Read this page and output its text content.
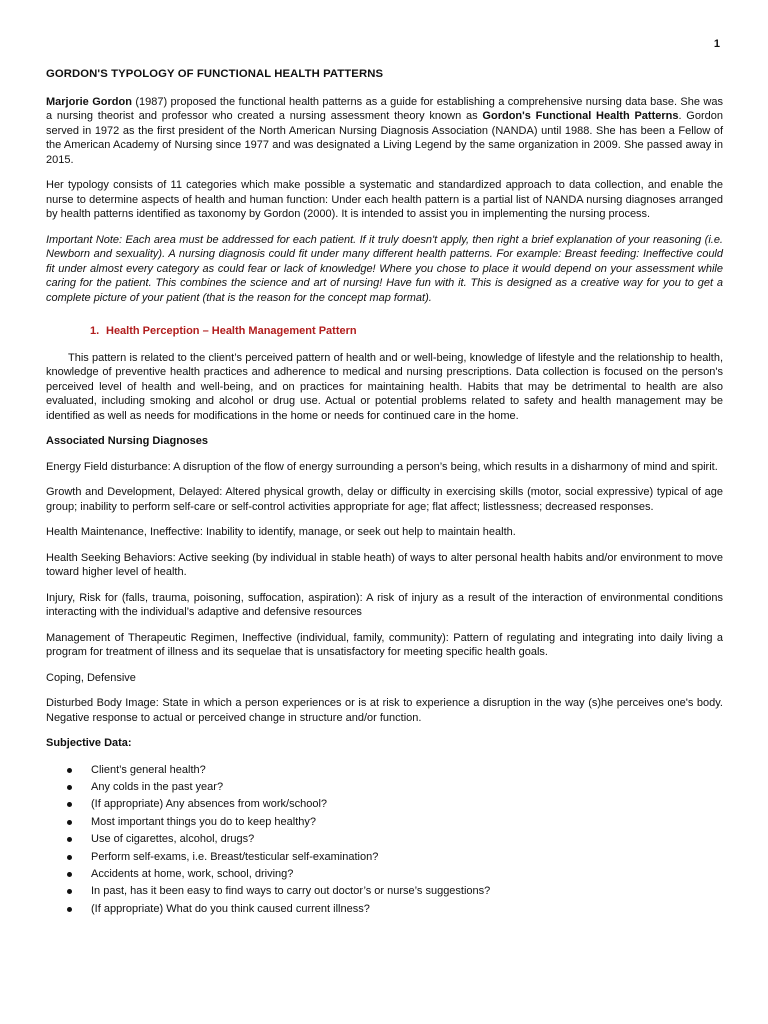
1

GORDON'S TYPOLOGY OF FUNCTIONAL HEALTH PATTERNS

Marjorie Gordon (1987) proposed the functional health patterns as a guide for establishing a comprehensive nursing data base. She was a nursing theorist and professor who created a nursing assessment theory known as Gordon's Functional Health Patterns. Gordon served in 1972 as the first president of the North American Nursing Diagnosis Association (NANDA) until 1988. She has been a Fellow of the American Academy of Nursing since 1977 and was designated a Living Legend by the same organization in 2009. She passed away in 2015.

Her typology consists of 11 categories which make possible a systematic and standardized approach to data collection, and enable the nurse to determine aspects of health and human function: Under each health pattern is a partial list of NANDA nursing diagnoses arranged by health patterns identified as taxonomy by Gordon (2000). It is intended to assist you in implementing the nursing process.

Important Note: Each area must be addressed for each patient. If it truly doesn't apply, then right a brief explanation of your reasoning (i.e. Newborn and sexuality). A nursing diagnosis could fit under many different health patterns. For example: Breast feeding: Ineffective could fit under almost every category as could fear or lack of knowledge! Where you chose to place it would depend on your assessment while caring for the patient. This combines the science and art of nursing! Have fun with it. This is designed as a creative way for you to get a complete picture of your patient (that is the reason for the concept map format).

1. Health Perception – Health Management Pattern

This pattern is related to the client’s perceived pattern of health and or well-being, knowledge of lifestyle and the relationship to health, knowledge of preventive health practices and adherence to medical and nursing prescriptions. Data collection is focused on the person's perceived level of health and well-being, and on practices for maintaining health. Habits that may be detrimental to health are also evaluated, including smoking and alcohol or drug use. Actual or potential problems related to safety and health management may be identified as well as needs for modifications in the home or needs for continued care in the home.

Associated Nursing Diagnoses

Energy Field disturbance: A disruption of the flow of energy surrounding a person’s being, which results in a disharmony of mind and spirit.

Growth and Development, Delayed: Altered physical growth, delay or difficulty in exercising skills (motor, social expressive) typical of age group; inability to perform self-care or self-control activities appropriate for age; flat affect; listlessness; decreased responses.

Health Maintenance, Ineffective: Inability to identify, manage, or seek out help to maintain health.

Health Seeking Behaviors: Active seeking (by individual in stable heath) of ways to alter personal health habits and/or environment to move toward higher level of health.

Injury, Risk for (falls, trauma, poisoning, suffocation, aspiration): A risk of injury as a result of the interaction of environmental conditions interacting with the individual’s adaptive and defensive resources

Management of Therapeutic Regimen, Ineffective (individual, family, community): Pattern of regulating and integrating into daily living a program for treatment of illness and its sequelae that is unsatisfactory for meeting specific health goals.

Coping, Defensive

Disturbed Body Image: State in which a person experiences or is at risk to experience a disruption in the way (s)he perceives one's body. Negative response to actual or perceived change in structure and/or function.

Subjective Data:
Client’s general health?
Any colds in the past year?
(If appropriate) Any absences from work/school?
Most important things you do to keep healthy?
Use of cigarettes, alcohol, drugs?
Perform self-exams, i.e. Breast/testicular self-examination?
Accidents at home, work, school, driving?
In past, has it been easy to find ways to carry out doctor’s or nurse’s suggestions?
(If appropriate) What do you think caused current illness?
